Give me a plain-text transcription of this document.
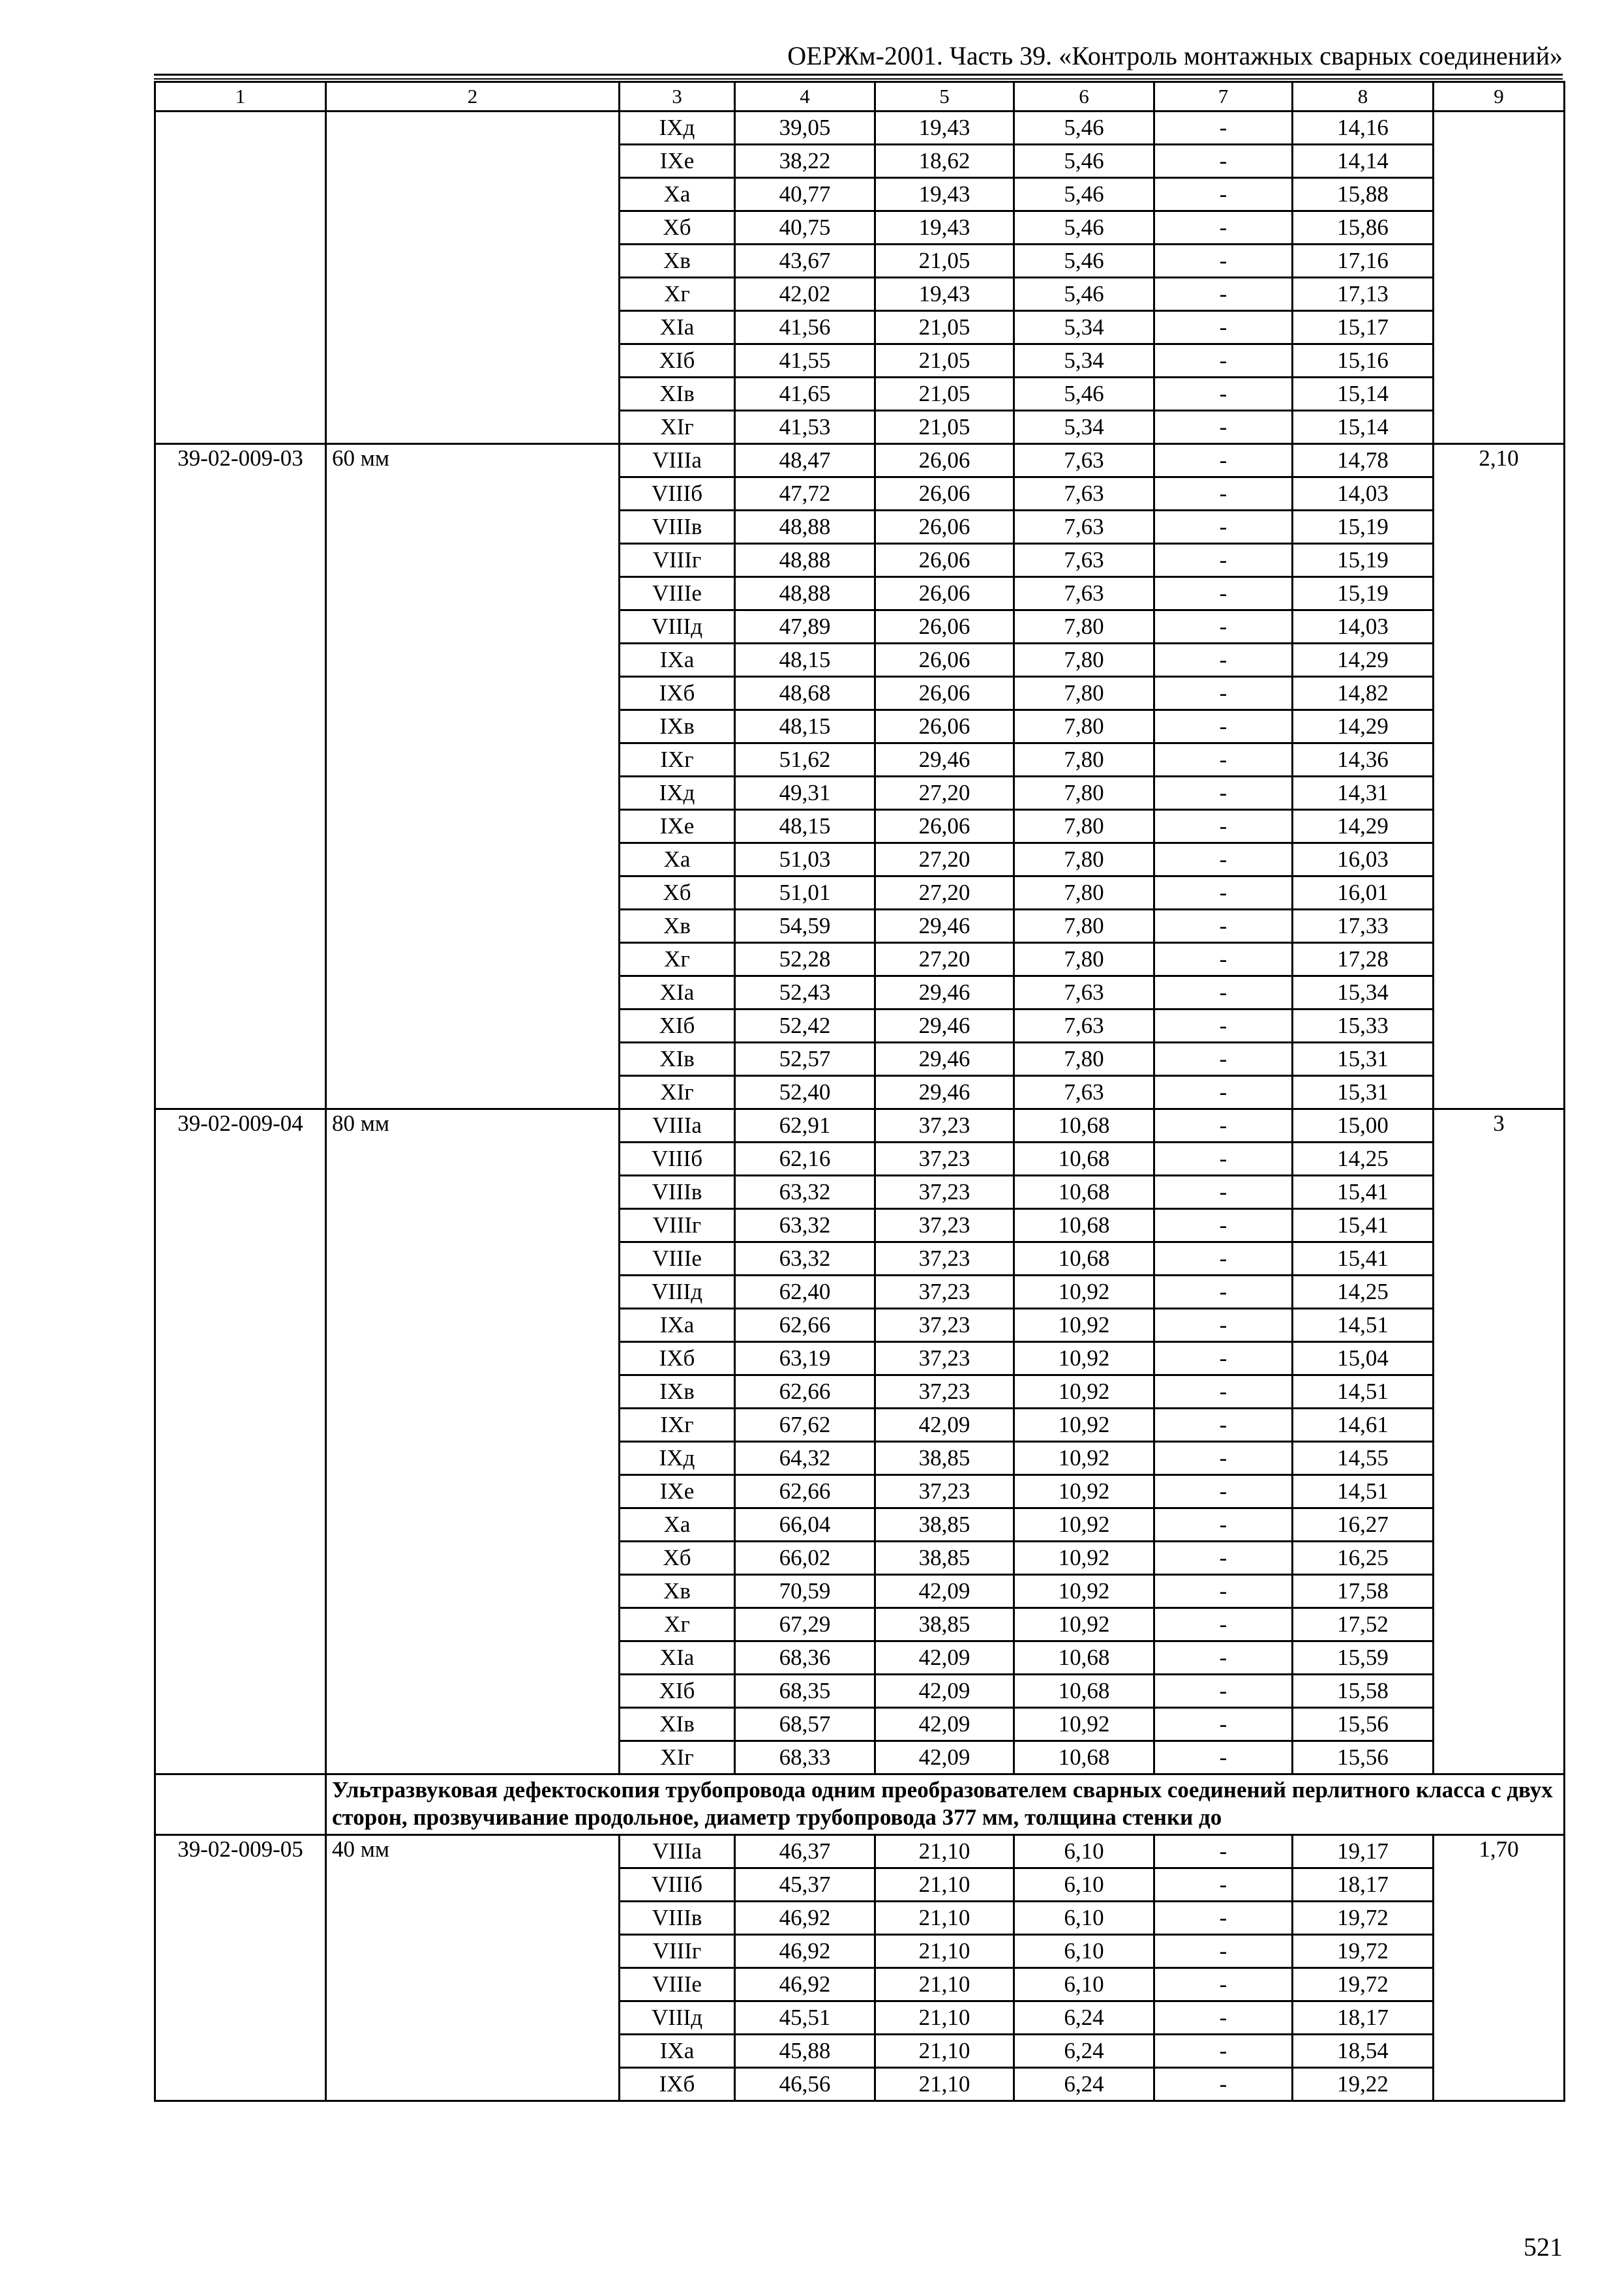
ОЕРЖм-2001. Часть 39. «Контроль монтажных сварных соединений»
1	2	3	4	5	6	7	8	9
		IXд	39,05	19,43	5,46	-	14,16	
		IXе	38,22	18,62	5,46	-	14,14	
		Xа	40,77	19,43	5,46	-	15,88	
		Xб	40,75	19,43	5,46	-	15,86	
		Xв	43,67	21,05	5,46	-	17,16	
		Xг	42,02	19,43	5,46	-	17,13	
		XIа	41,56	21,05	5,34	-	15,17	
		XIб	41,55	21,05	5,34	-	15,16	
		XIв	41,65	21,05	5,46	-	15,14	
		XIг	41,53	21,05	5,34	-	15,14	
39-02-009-03	60 мм	VIIIа	48,47	26,06	7,63	-	14,78	2,10
		VIIIб	47,72	26,06	7,63	-	14,03	
		VIIIв	48,88	26,06	7,63	-	15,19	
		VIIIг	48,88	26,06	7,63	-	15,19	
		VIIIе	48,88	26,06	7,63	-	15,19	
		VIIIд	47,89	26,06	7,80	-	14,03	
		IXа	48,15	26,06	7,80	-	14,29	
		IXб	48,68	26,06	7,80	-	14,82	
		IXв	48,15	26,06	7,80	-	14,29	
		IXг	51,62	29,46	7,80	-	14,36	
		IXд	49,31	27,20	7,80	-	14,31	
		IXе	48,15	26,06	7,80	-	14,29	
		Xа	51,03	27,20	7,80	-	16,03	
		Xб	51,01	27,20	7,80	-	16,01	
		Xв	54,59	29,46	7,80	-	17,33	
		Xг	52,28	27,20	7,80	-	17,28	
		XIа	52,43	29,46	7,63	-	15,34	
		XIб	52,42	29,46	7,63	-	15,33	
		XIв	52,57	29,46	7,80	-	15,31	
		XIг	52,40	29,46	7,63	-	15,31	
39-02-009-04	80 мм	VIIIа	62,91	37,23	10,68	-	15,00	3
		VIIIб	62,16	37,23	10,68	-	14,25	
		VIIIв	63,32	37,23	10,68	-	15,41	
		VIIIг	63,32	37,23	10,68	-	15,41	
		VIIIе	63,32	37,23	10,68	-	15,41	
		VIIIд	62,40	37,23	10,92	-	14,25	
		IXа	62,66	37,23	10,92	-	14,51	
		IXб	63,19	37,23	10,92	-	15,04	
		IXв	62,66	37,23	10,92	-	14,51	
		IXг	67,62	42,09	10,92	-	14,61	
		IXд	64,32	38,85	10,92	-	14,55	
		IXе	62,66	37,23	10,92	-	14,51	
		Xа	66,04	38,85	10,92	-	16,27	
		Xб	66,02	38,85	10,92	-	16,25	
		Xв	70,59	42,09	10,92	-	17,58	
		Xг	67,29	38,85	10,92	-	17,52	
		XIа	68,36	42,09	10,68	-	15,59	
		XIб	68,35	42,09	10,68	-	15,58	
		XIв	68,57	42,09	10,92	-	15,56	
		XIг	68,33	42,09	10,68	-	15,56	
	Ультразвуковая дефектоскопия трубопровода одним преобразователем сварных соединений перлитного класса с двух сторон, прозвучивание продольное, диаметр трубопровода 377 мм, толщина стенки до							
39-02-009-05	40 мм	VIIIа	46,37	21,10	6,10	-	19,17	1,70
		VIIIб	45,37	21,10	6,10	-	18,17	
		VIIIв	46,92	21,10	6,10	-	19,72	
		VIIIг	46,92	21,10	6,10	-	19,72	
		VIIIе	46,92	21,10	6,10	-	19,72	
		VIIIд	45,51	21,10	6,24	-	18,17	
		IXа	45,88	21,10	6,24	-	18,54	
		IXб	46,56	21,10	6,24	-	19,22	
521
